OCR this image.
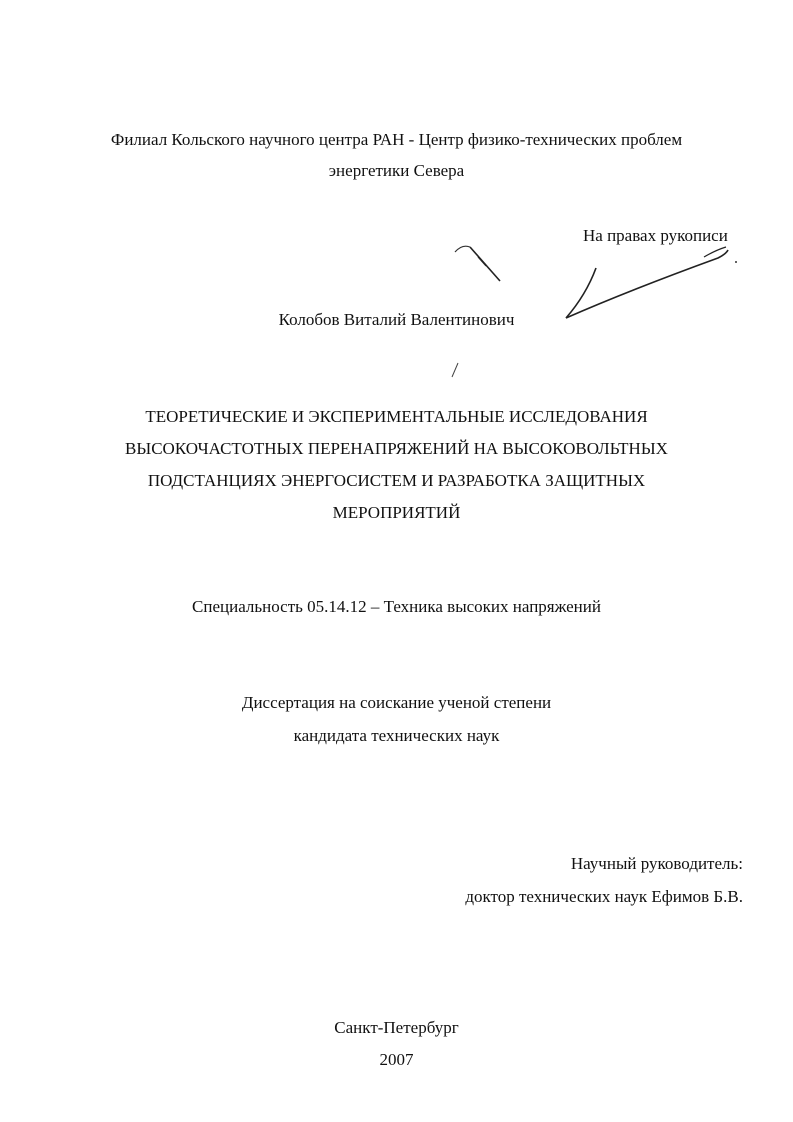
Филиал Кольского научного центра РАН - Центр физико-технических проблем
энергетики Севера
На правах рукописи
Колобов Виталий Валентинович
ТЕОРЕТИЧЕСКИЕ И ЭКСПЕРИМЕНТАЛЬНЫЕ ИССЛЕДОВАНИЯ
ВЫСОКОЧАСТОТНЫХ ПЕРЕНАПРЯЖЕНИЙ НА ВЫСОКОВОЛЬТНЫХ
ПОДСТАНЦИЯХ ЭНЕРГОСИСТЕМ И РАЗРАБОТКА ЗАЩИТНЫХ
МЕРОПРИЯТИЙ
Специальность 05.14.12 – Техника высоких напряжений
Диссертация на соискание ученой степени
кандидата технических наук
Научный руководитель:
доктор технических наук Ефимов Б.В.
Санкт-Петербург
2007
